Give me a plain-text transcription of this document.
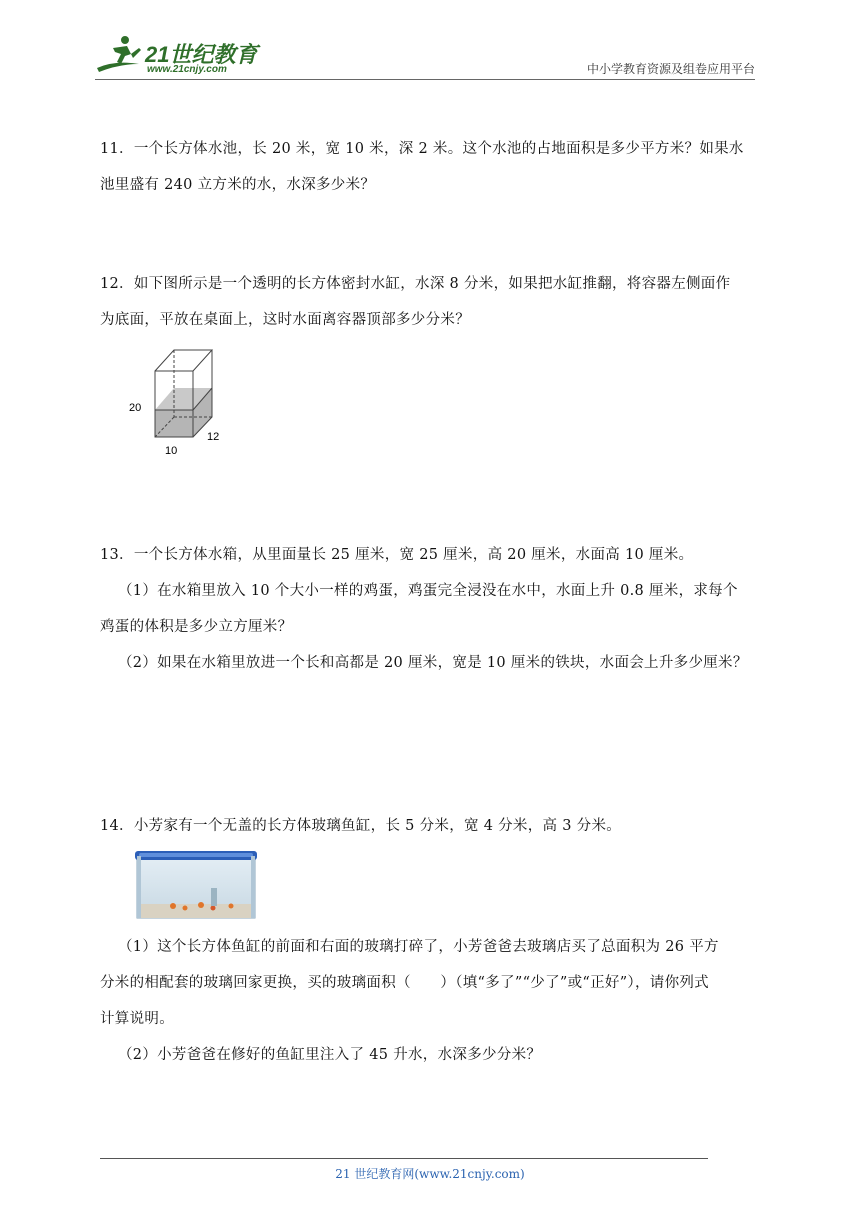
21世纪教育
www.21cnjy.com	中小学教育资源及组卷应用平台

11．一个长方体水池，长 20 米，宽 10 米，深 2 米。这个水池的占地面积是多少平方米？如果水

池里盛有 240 立方米的水，水深多少米？

12．如下图所示是一个透明的长方体密封水缸，水深 8 分米，如果把水缸推翻，将容器左侧面作

为底面，平放在桌面上，这时水面离容器顶部多少分米？

20
10
12

13．一个长方体水箱，从里面量长 25 厘米，宽 25 厘米，高 20 厘米，水面高 10 厘米。

（1）在水箱里放入 10 个大小一样的鸡蛋，鸡蛋完全浸没在水中，水面上升 0.8 厘米，求每个

鸡蛋的体积是多少立方厘米？

（2）如果在水箱里放进一个长和高都是 20 厘米，宽是 10 厘米的铁块，水面会上升多少厘米？

14．小芳家有一个无盖的长方体玻璃鱼缸，长 5 分米，宽 4 分米，高 3 分米。

（1）这个长方体鱼缸的前面和右面的玻璃打碎了，小芳爸爸去玻璃店买了总面积为 26 平方

分米的相配套的玻璃回家更换，买的玻璃面积（　　）（填“多了”“少了”或“正好”），请你列式

计算说明。

（2）小芳爸爸在修好的鱼缸里注入了 45 升水，水深多少分米？

21 世纪教育网(www.21cnjy.com)
